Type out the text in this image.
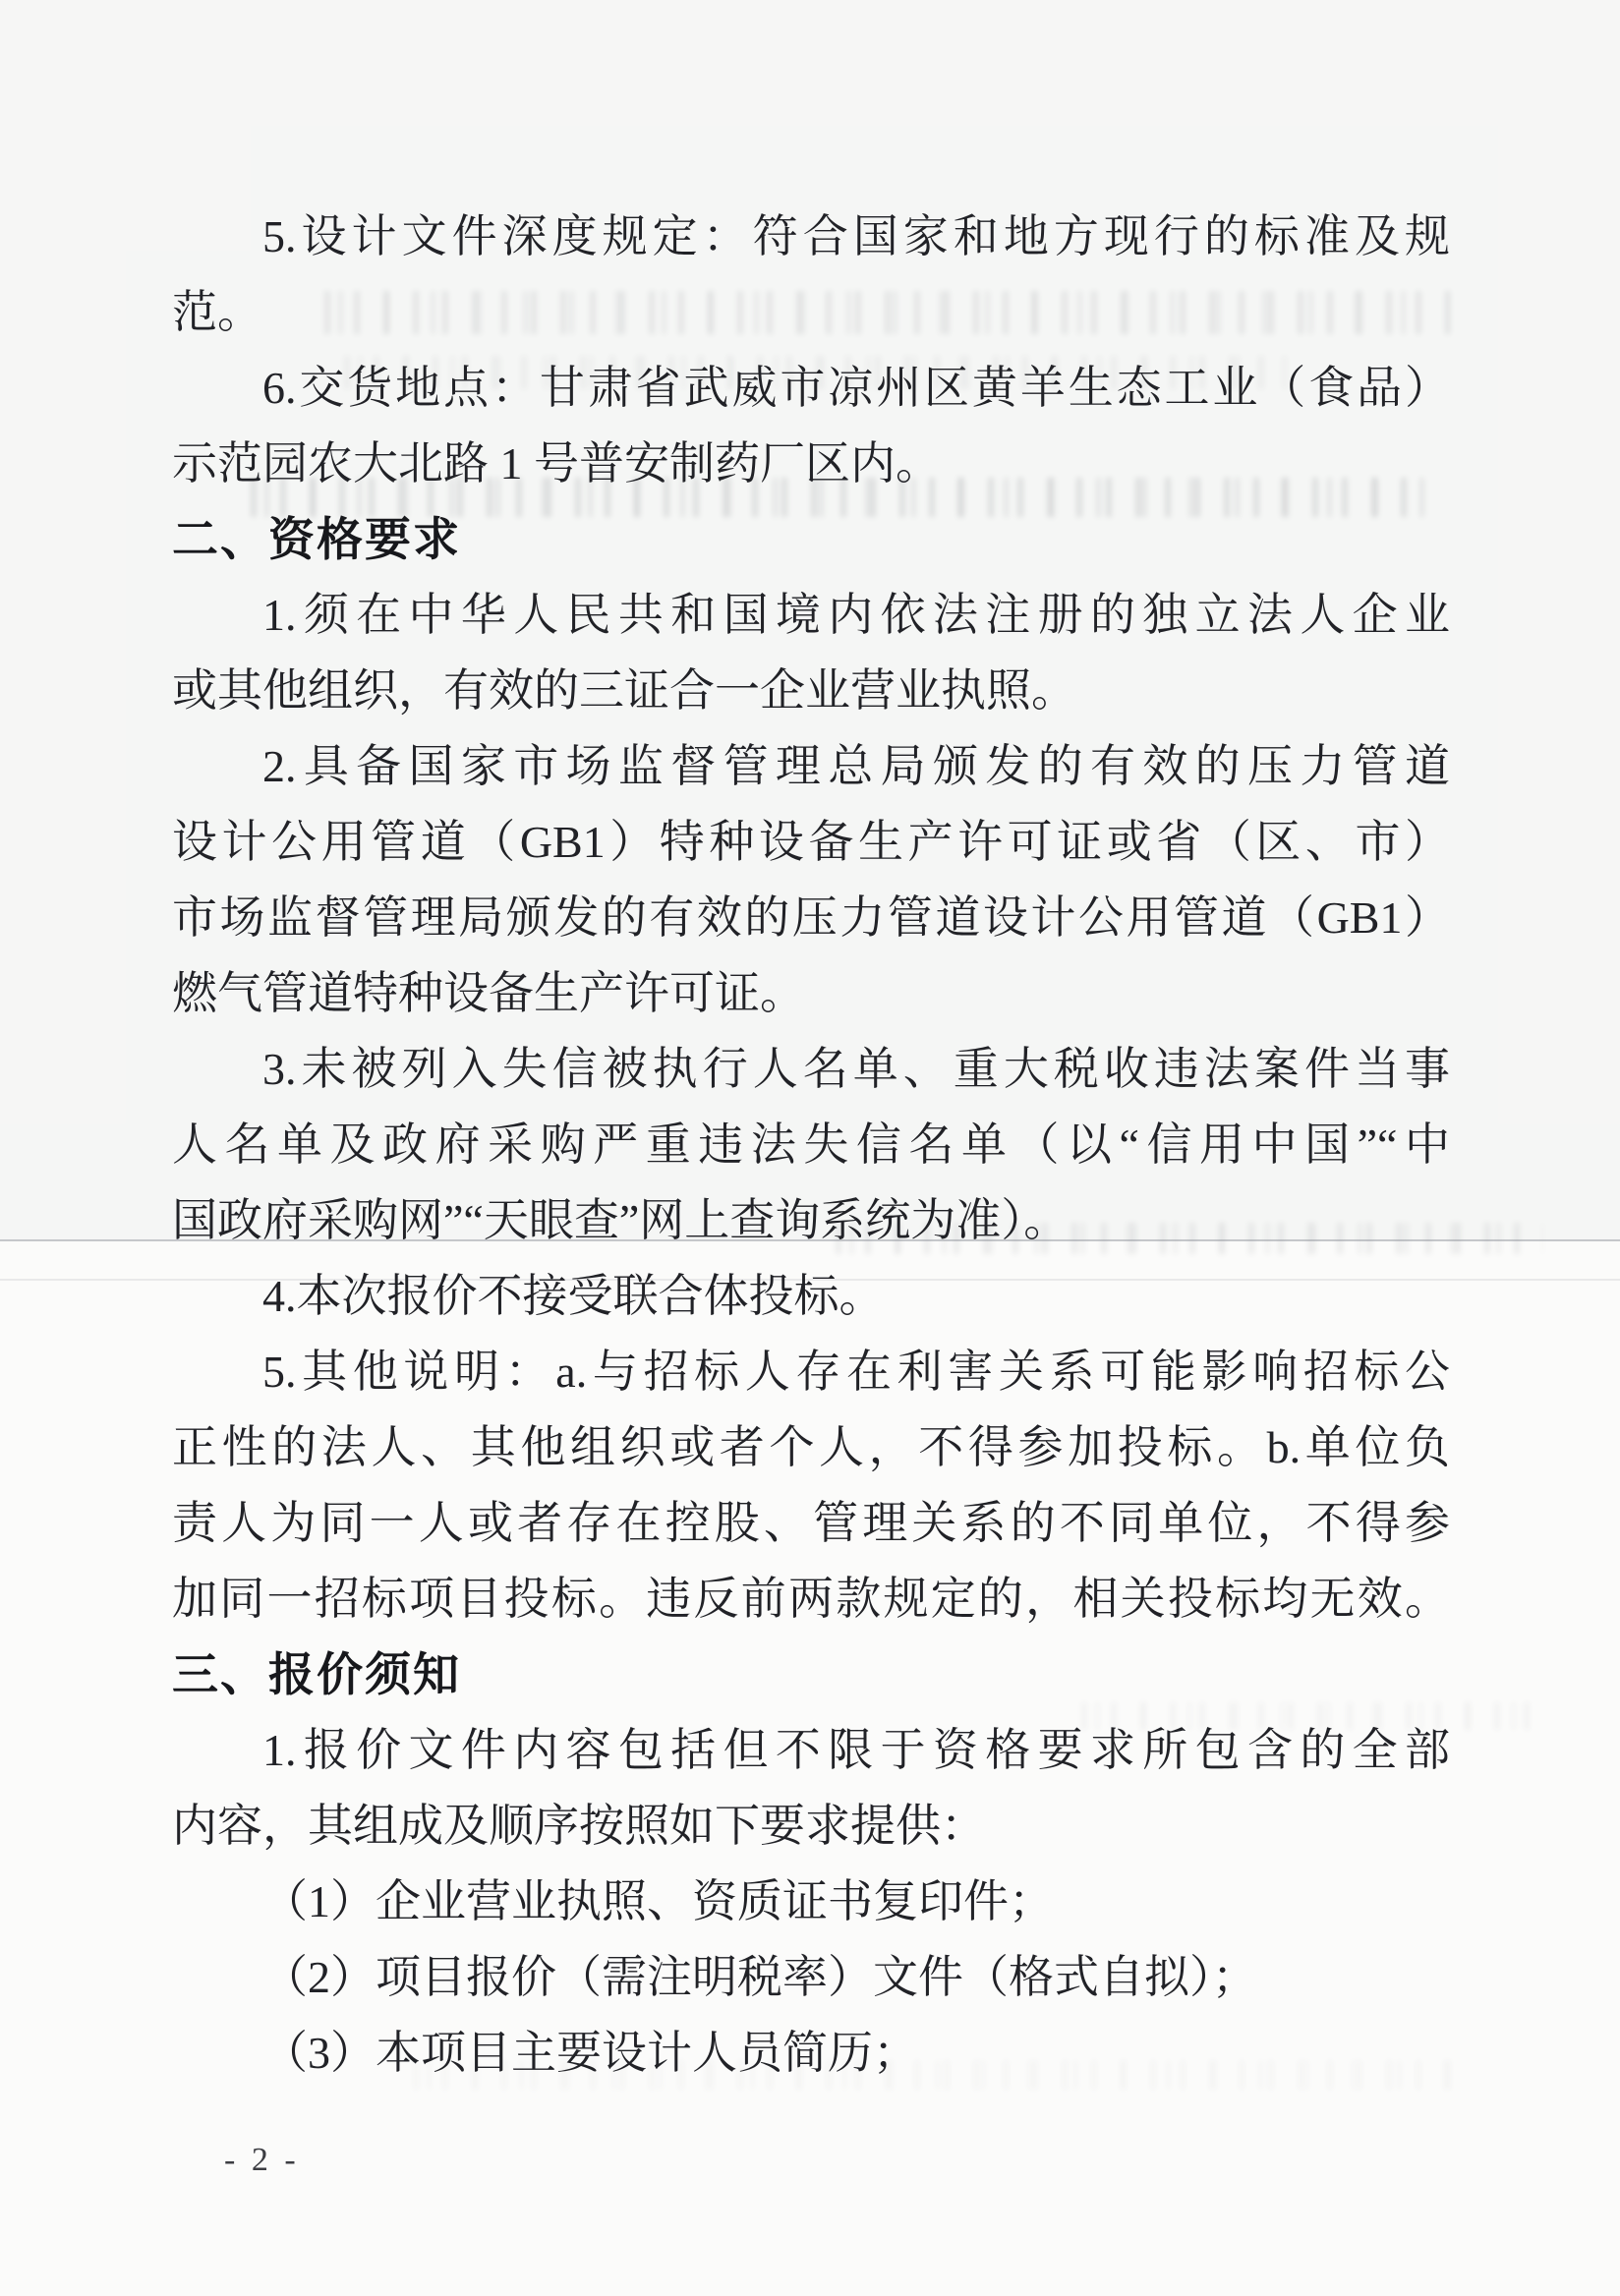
5.设计文件深度规定：符合国家和地方现行的标准及规
范。
6.交货地点：甘肃省武威市凉州区黄羊生态工业（食品）
示范园农大北路 1 号普安制药厂区内。
二、资格要求
1.须在中华人民共和国境内依法注册的独立法人企业
或其他组织，有效的三证合一企业营业执照。
2.具备国家市场监督管理总局颁发的有效的压力管道
设计公用管道（GB1）特种设备生产许可证或省（区、市）
市场监督管理局颁发的有效的压力管道设计公用管道（GB1）
燃气管道特种设备生产许可证。
3.未被列入失信被执行人名单、重大税收违法案件当事
人名单及政府采购严重违法失信名单（以“信用中国”“中
国政府采购网”“天眼查”网上查询系统为准）。
4.本次报价不接受联合体投标。
5.其他说明：a.与招标人存在利害关系可能影响招标公
正性的法人、其他组织或者个人，不得参加投标。b.单位负
责人为同一人或者存在控股、管理关系的不同单位，不得参
加同一招标项目投标。违反前两款规定的，相关投标均无效。
三、报价须知
1.报价文件内容包括但不限于资格要求所包含的全部
内容，其组成及顺序按照如下要求提供：
（1）企业营业执照、资质证书复印件；
（2）项目报价（需注明税率）文件（格式自拟）；
（3）本项目主要设计人员简历；
- 2 -
